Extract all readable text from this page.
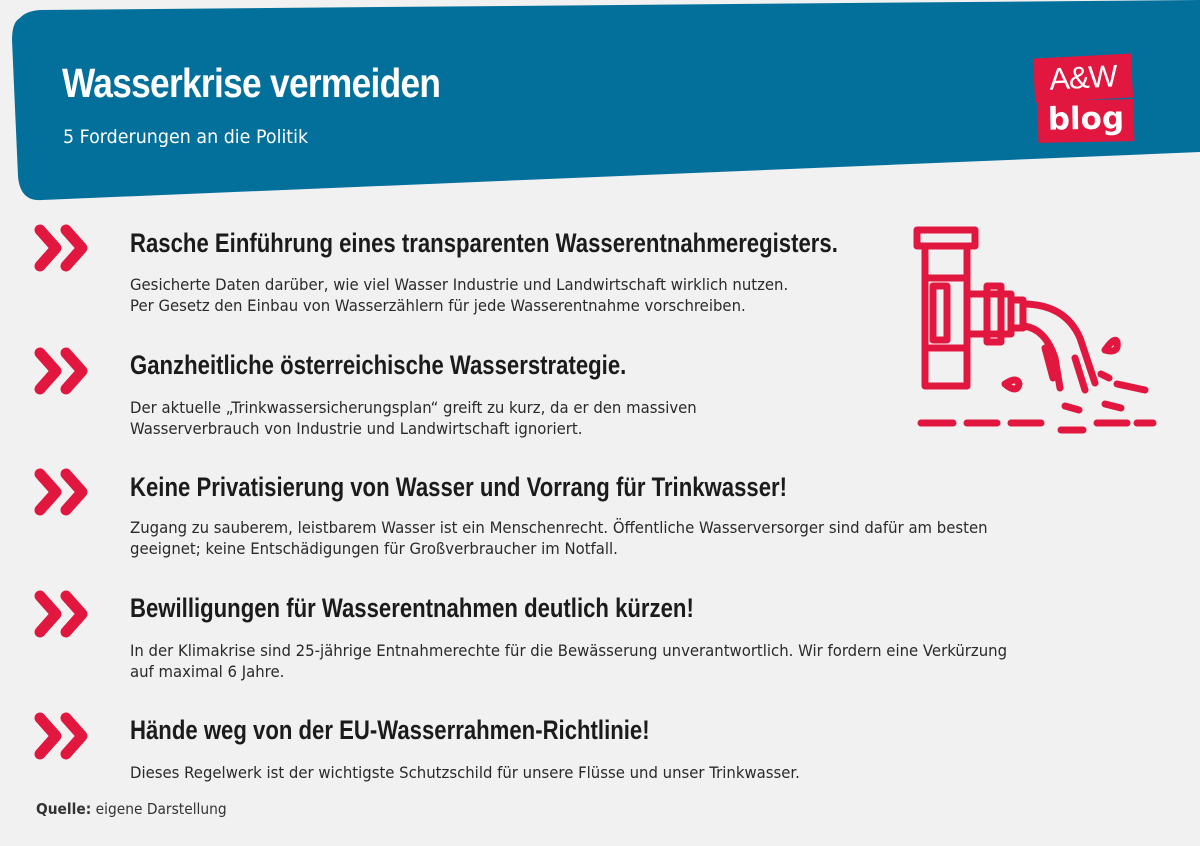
Wasserkrise vermeiden

5 Forderungen an die Politik

A&W
blog
Rasche Einführung eines transparenten Wasserentnahmeregisters.

Gesicherte Daten darüber, wie viel Wasser Industrie und Landwirtschaft wirklich nutzen.
Per Gesetz den Einbau von Wasserzählern für jede Wasserentnahme vorschreiben.

Ganzheitliche österreichische Wasserstrategie.

Der aktuelle „Trinkwassersicherungsplan“ greift zu kurz, da er den massiven
Wasserverbrauch von Industrie und Landwirtschaft ignoriert.

Keine Privatisierung von Wasser und Vorrang für Trinkwasser!

Zugang zu sauberem, leistbarem Wasser ist ein Menschenrecht. Öffentliche Wasserversorger sind dafür am besten
geeignet; keine Entschädigungen für Großverbraucher im Notfall.

Bewilligungen für Wasserentnahmen deutlich kürzen!

In der Klimakrise sind 25-jährige Entnahmerechte für die Bewässerung unverantwortlich. Wir fordern eine Verkürzung
auf maximal 6 Jahre.

Hände weg von der EU-Wasserrahmen-Richtlinie!

Dieses Regelwerk ist der wichtigste Schutzschild für unsere Flüsse und unser Trinkwasser.

Quelle: eigene Darstellung
